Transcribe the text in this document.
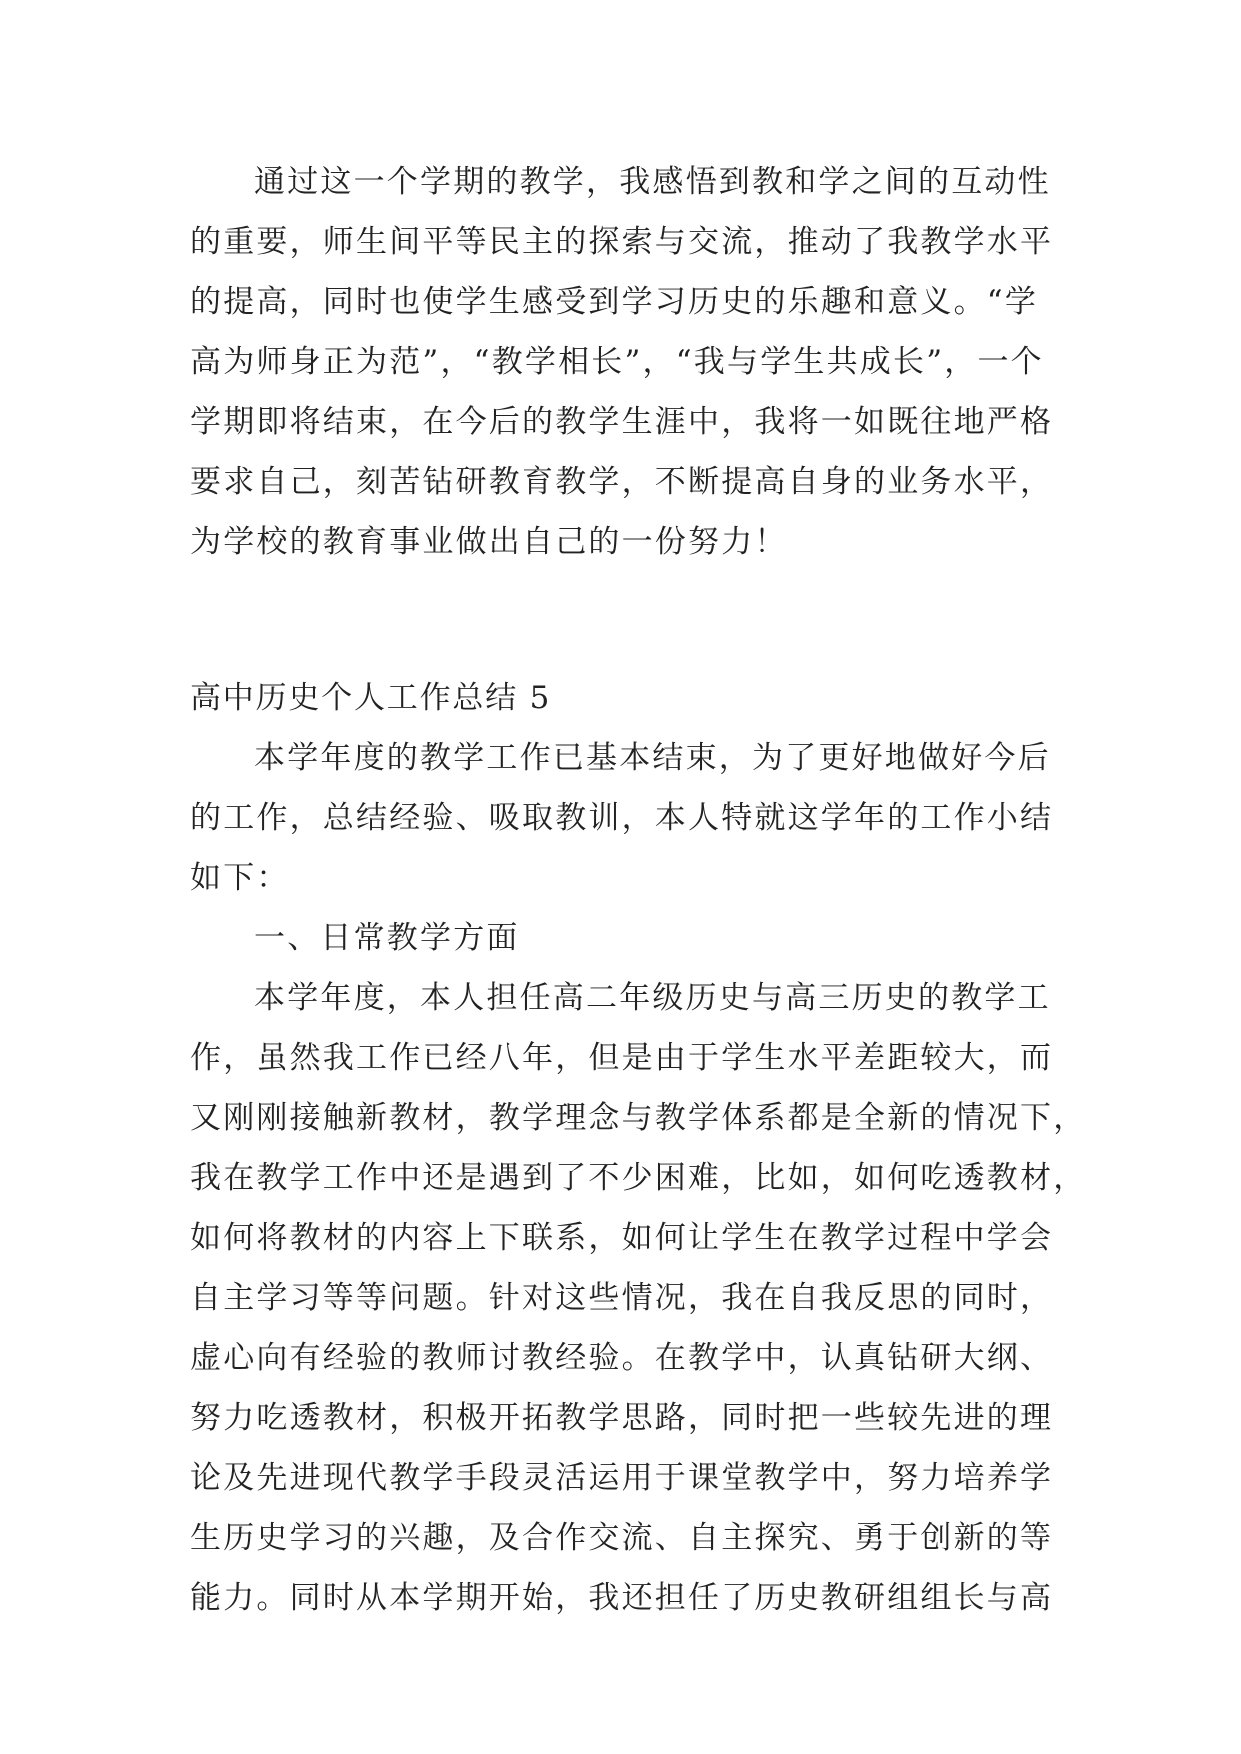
通过这一个学期的教学，我感悟到教和学之间的互动性
的重要，师生间平等民主的探索与交流，推动了我教学水平
的提高，同时也使学生感受到学习历史的乐趣和意义。“学
高为师身正为范”，“教学相长”，“我与学生共成长”，一个
学期即将结束，在今后的教学生涯中，我将一如既往地严格
要求自己，刻苦钻研教育教学，不断提高自身的业务水平，
为学校的教育事业做出自己的一份努力！
高中历史个人工作总结 5
本学年度的教学工作已基本结束，为了更好地做好今后
的工作，总结经验、吸取教训，本人特就这学年的工作小结
如下：
一、日常教学方面
本学年度，本人担任高二年级历史与高三历史的教学工
作，虽然我工作已经八年，但是由于学生水平差距较大，而
又刚刚接触新教材，教学理念与教学体系都是全新的情况下，
我在教学工作中还是遇到了不少困难，比如，如何吃透教材，
如何将教材的内容上下联系，如何让学生在教学过程中学会
自主学习等等问题。针对这些情况，我在自我反思的同时，
虚心向有经验的教师讨教经验。在教学中，认真钻研大纲、
努力吃透教材，积极开拓教学思路，同时把一些较先进的理
论及先进现代教学手段灵活运用于课堂教学中，努力培养学
生历史学习的兴趣，及合作交流、自主探究、勇于创新的等
能力。同时从本学期开始，我还担任了历史教研组组长与高
